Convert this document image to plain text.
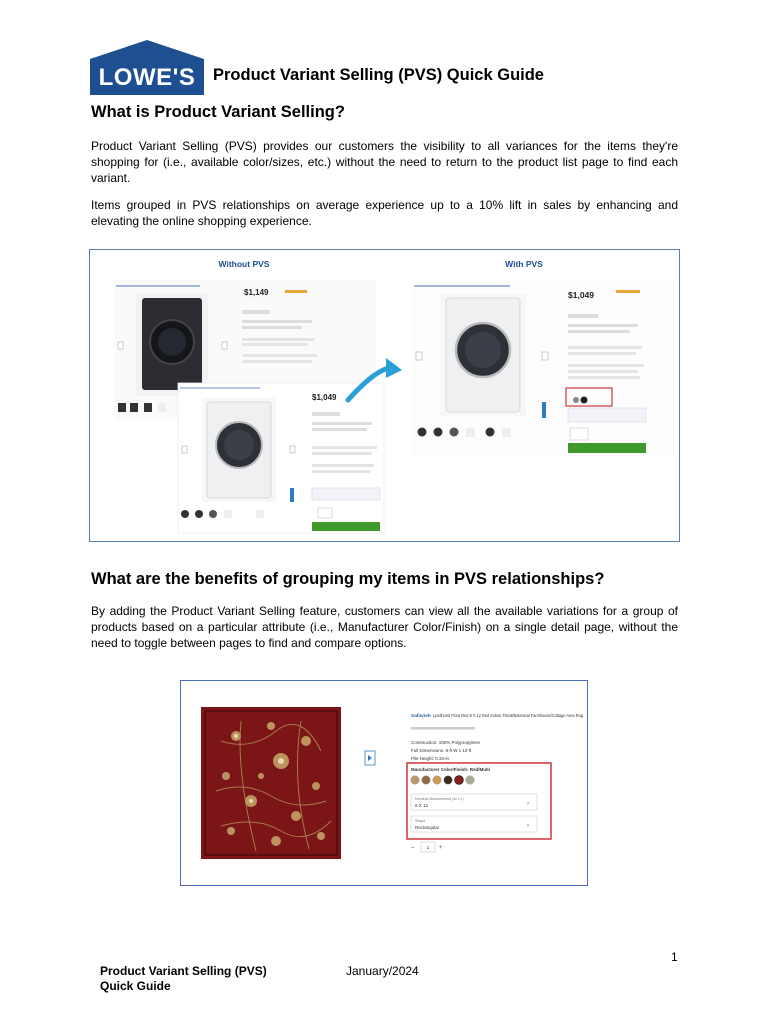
LOWE'S Product Variant Selling (PVS) Quick Guide
What is Product Variant Selling?

Product Variant Selling (PVS) provides our customers the visibility to all variances for the items they're shopping for (i.e., available color/sizes, etc.) without the need to return to the product list page to find each variant.

Items grouped in PVS relationships on average experience up to a 10% lift in sales by enhancing and elevating the online shopping experience.

Without PVS	With PVS
$1,149
$1,049
$1,049
What are the benefits of grouping my items in PVS relationships?

By adding the Product Variant Selling feature, customers can view all the available variations for a group of products based on a particular attribute (i.e., Manufacturer Color/Finish) on a single detail page, without the need to toggle between pages to find and compare options.

Safavieh Lyndhurst Flora Red 8 X 12 Red Indoor Floral/Botanical Farmhouse/Cottage Area Rug
Construction: 100% Polypropylene
Full Dimensions: 8-ft W x 12-ft
Pile Height: 0.33-in
Manufacturer Color/Finish: Red/Multi
Nominal Measurement (W x L)
8 X 12	›
Shape
Rectangular	›
–	1 +
1
Product Variant Selling (PVS)
Quick Guide
January/2024
